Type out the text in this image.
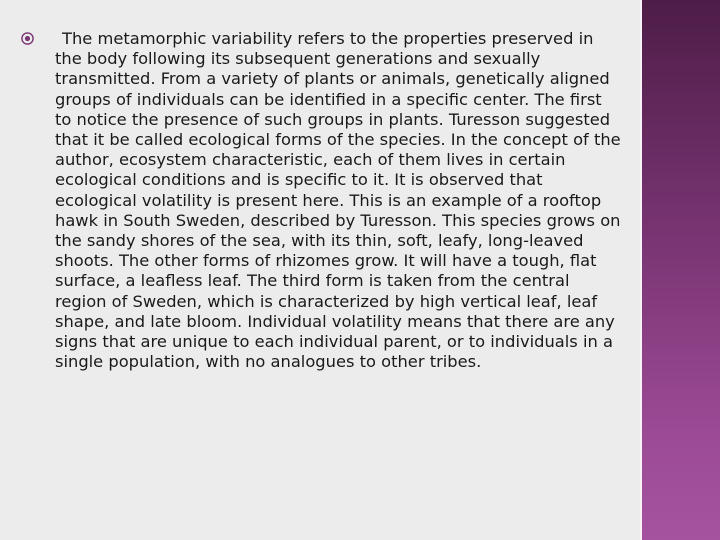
The metamorphic variability refers to the properties preserved in the body following its subsequent generations and sexually transmitted. From a variety of plants or animals, genetically aligned groups of individuals can be identified in a specific center. The first to notice the presence of such groups in plants. Turesson suggested that it be called ecological forms of the species. In the concept of the author, ecosystem characteristic, each of them lives in certain ecological conditions and is specific to it. It is observed that ecological volatility is present here. This is an example of a rooftop hawk in South Sweden, described by Turesson. This species grows on the sandy shores of the sea, with its thin, soft, leafy, long-leaved shoots. The other forms of rhizomes grow. It will have a tough, flat surface, a leafless leaf. The third form is taken from the central region of Sweden, which is characterized by high vertical leaf, leaf shape, and late bloom. Individual volatility means that there are any signs that are unique to each individual parent, or to individuals in a single population, with no analogues to other tribes.
